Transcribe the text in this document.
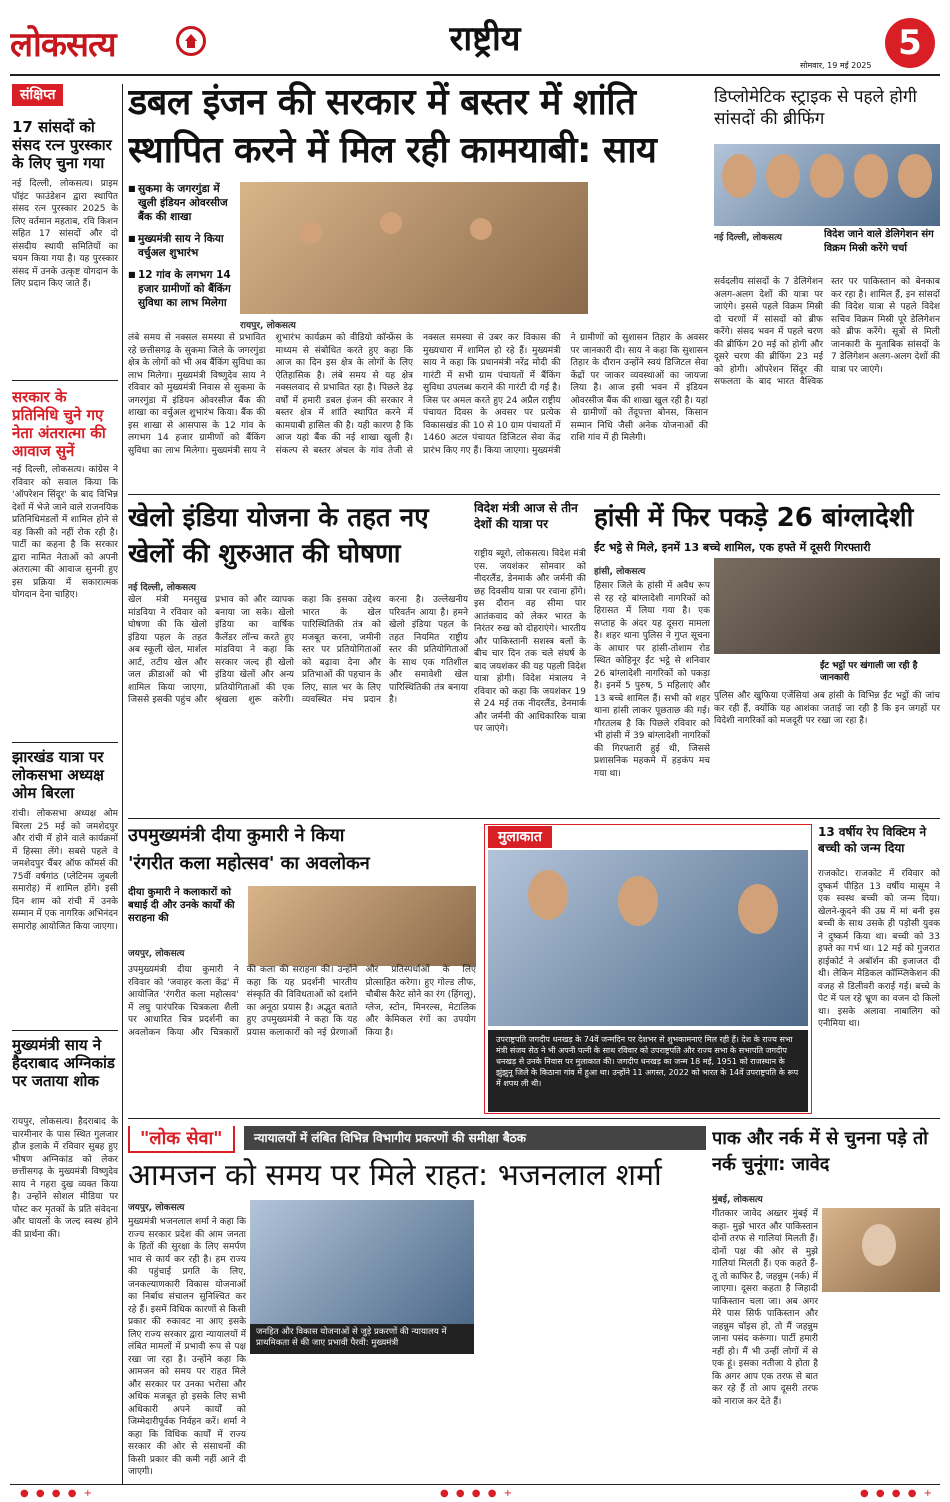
लोकसत्य	राष्ट्रीय
सोमवार, 19 मई 2025
5
संक्षिप्त
17 सांसदों को संसद रत्न पुरस्कार के लिए चुना गया
नई दिल्ली, लोकसत्य। प्राइम पॉइंट फाउंडेशन द्वारा स्थापित संसद रत्न पुरस्कार 2025 के लिए वर्तमान महताब, रवि किशन सहित 17 सांसदों और दो संसदीय स्थायी समितियों का चयन किया गया है। यह पुरस्कार संसद में उनके उत्कृष्ट योगदान के लिए प्रदान किए जाते हैं।
सरकार के प्रतिनिधि चुने गए नेता अंतरात्मा की आवाज सुनें
नई दिल्ली, लोकसत्य। कांग्रेस ने रविवार को सवाल किया कि 'ऑपरेशन सिंदूर' के बाद विभिन्न देशों में भेजे जाने वाले राजनयिक प्रतिनिधिमंडलों में शामिल होने से वह किसी को नहीं रोक रही है। पार्टी का कहना है कि सरकार द्वारा नामित नेताओं को अपनी अंतरात्मा की आवाज सुननी हुए इस प्रक्रिया में सकारात्मक योगदान देना चाहिए।
झारखंड यात्रा पर लोकसभा अध्यक्ष ओम बिरला
रांची। लोकसभा अध्यक्ष ओम बिरला 25 मई को जमशेदपुर और रांची में होने वाले कार्यक्रमों में हिस्सा लेंगे। सबसे पहले वे जमशेदपुर चैंबर ऑफ कॉमर्स की 75वीं वर्षगांठ (प्लेटिनम जुबली समारोह) में शामिल होंगे। इसी दिन शाम को रांची में उनके सम्मान में एक नागरिक अभिनंदन समारोह आयोजित किया जाएगा।
मुख्यमंत्री साय ने हैदराबाद अग्निकांड पर जताया शोक
रायपुर, लोकसत्य। हैदराबाद के चारमीनार के पास स्थित गुलजार हौज इलाके में रविवार सुबह हुए भीषण अग्निकांड को लेकर छत्तीसगढ़ के मुख्यमंत्री विष्णुदेव साय ने गहरा दुख व्यक्त किया है। उन्होंने सोशल मीडिया पर पोस्ट कर मृतकों के प्रति संवेदना और घायलों के जल्द स्वस्थ होने की प्रार्थना की।
डबल इंजन की सरकार में बस्तर में शांति
स्थापित करने में मिल रही कामयाबी: साय
■ सुकमा के जगरगुंडा में खुली इंडियन ओवरसीज बैंक की शाखा
■ मुख्यमंत्री साय ने किया वर्चुअल शुभारंभ
■ 12 गांव के लगभग 14 हजार ग्रामीणों को बैंकिंग सुविधा का लाभ मिलेगा
रायपुर, लोकसत्य
लंबे समय से नक्सल समस्या से प्रभावित रहे छत्तीसगढ़ के सुकमा जिले के जगरगुंडा क्षेत्र के लोगों को भी अब बैंकिंग सुविधा का लाभ मिलेगा। मुख्यमंत्री विष्णुदेव साय ने रविवार को मुख्यमंत्री निवास से सुकमा के जगरगुंडा में इंडियन ओवरसीज बैंक की शाखा का वर्चुअल शुभारंभ किया। बैंक की इस शाखा से आसपास के 12 गांव के लगभग 14 हजार ग्रामीणों को बैंकिंग सुविधा का लाभ मिलेगा। मुख्यमंत्री साय ने शुभारंभ कार्यक्रम को वीडियो कॉन्फ्रेंस के माध्यम से संबोधित करते हुए कहा कि आज का दिन इस क्षेत्र के लोगों के लिए ऐतिहासिक है। लंबे समय से यह क्षेत्र नक्सलवाद से प्रभावित रहा है। पिछले डेढ़ वर्षों में हमारी डबल इंजन की सरकार ने बस्तर क्षेत्र में शांति स्थापित करने में कामयाबी हासिल की है। यही कारण है कि आज यहां बैंक की नई शाखा खुली है। संकल्प से बस्तर अंचल के गांव तेजी से नक्सल समस्या से उबर कर विकास की मुख्यधारा में शामिल हो रहे हैं। मुख्यमंत्री साय ने कहा कि प्रधानमंत्री नरेंद्र मोदी की गारंटी में सभी ग्राम पंचायतों में बैंकिंग सुविधा उपलब्ध कराने की गारंटी दी गई है। जिस पर अमल करते हुए 24 अप्रैल राष्ट्रीय पंचायत दिवस के अवसर पर प्रत्येक विकासखंड की 10 से 10 ग्राम पंचायतों में 1460 अटल पंचायत डिजिटल सेवा केंद्र प्रारंभ किए गए हैं। किया जाएगा। मुख्यमंत्री ने ग्रामीणों को सुशासन तिहार के अवसर पर जानकारी दी। साय ने कहा कि सुशासन तिहार के दौरान उन्होंने स्वयं डिजिटल सेवा केंद्रों पर जाकर व्यवस्थाओं का जायजा लिया है। आज इसी भवन में इंडियन ओवरसीज बैंक की शाखा खुल रही है। यहां से ग्रामीणों को तेंदूपत्ता बोनस, किसान सम्मान निधि जैसी अनेक योजनाओं की राशि गांव में ही मिलेगी।
डिप्लोमेटिक स्ट्राइक से पहले होगी सांसदों की ब्रीफिंग
नई दिल्ली, लोकसत्य	विदेश जाने वाले डेलिगेशन संग विक्रम मिस्री करेंगे चर्चा
सर्वदलीय सांसदों के 7 डेलिगेशन अलग-अलग देशों की यात्रा पर जाएंगे। इससे पहले विक्रम मिस्री दो चरणों में सांसदों को ब्रीफ करेंगे। संसद भवन में पहले चरण की ब्रीफिंग 20 मई को होगी और दूसरे चरण की ब्रीफिंग 23 मई को होगी। ऑपरेशन सिंदूर की सफलता के बाद भारत वैश्विक स्तर पर पाकिस्तान को बेनकाब कर रहा है। शामिल हैं, इन सांसदों की विदेश यात्रा से पहले विदेश सचिव विक्रम मिस्री पूरे डेलिगेशन को ब्रीफ करेंगे। सूत्रों से मिली जानकारी के मुताबिक सांसदों के 7 डेलिगेशन अलग-अलग देशों की यात्रा पर जाएंगे।
खेलो इंडिया योजना के तहत नए खेलों की शुरुआत की घोषणा
नई दिल्ली, लोकसत्य
खेल मंत्री मनसुख मांडविया ने रविवार को घोषणा की कि खेलो इंडिया पहल के तहत अब स्कूली खेल, मार्शल आर्ट, तटीय खेल और जल क्रीडाओं को भी शामिल किया जाएगा, जिससे इसकी पहुंच और प्रभाव को और व्यापक बनाया जा सके। खेलो इंडिया का वार्षिक कैलेंडर लॉन्च करते हुए मांडविया ने कहा कि सरकार जल्द ही खेलो इंडिया खेलों और अन्य प्रतियोगिताओं की एक श्रृंखला शुरू करेगी। कहा कि इसका उद्देश्य भारत के खेल पारिस्थितिकी तंत्र को मजबूत करना, जमीनी स्तर पर प्रतियोगिताओं को बढ़ावा देना और प्रतिभाओं की पहचान के लिए, साल भर के लिए व्यवस्थित मंच प्रदान करना है। उल्लेखनीय परिवर्तन आया है। हमने खेलो इंडिया पहल के तहत नियमित राष्ट्रीय स्तर की प्रतियोगिताओं के साथ एक गतिशील और समावेशी खेल पारिस्थितिकी तंत्र बनाया है।
विदेश मंत्री आज से तीन देशों की यात्रा पर
राष्ट्रीय ब्यूरो, लोकसत्य। विदेश मंत्री एस. जयशंकर सोमवार को नीदरलैंड, डेनमार्क और जर्मनी की छह दिवसीय यात्रा पर रवाना होंगे। इस दौरान वह सीमा पार आतंकवाद को लेकर भारत के निरंतर रुख को दोहराएंगे। भारतीय और पाकिस्तानी सशस्त्र बलों के बीच चार दिन तक चले संघर्ष के बाद जयशंकर की यह पहली विदेश यात्रा होगी। विदेश मंत्रालय ने रविवार को कहा कि जयशंकर 19 से 24 मई तक नीदरलैंड, डेनमार्क और जर्मनी की आधिकारिक यात्रा पर जाएंगे।
हांसी में फिर पकड़े 26 बांग्लादेशी
ईंट भट्ठे से मिले, इनमें 13 बच्चे शामिल, एक हफ्ते में दूसरी गिरफ्तारी
हांसी, लोकसत्य
हिसार जिले के हांसी में अवैध रूप से रह रहे बांग्लादेशी नागरिकों को हिरासत में लिया गया है। एक सप्ताह के अंदर यह दूसरा मामला है। शहर थाना पुलिस ने गुप्त सूचना के आधार पर हांसी-तोशाम रोड स्थित कोहिनूर ईंट भट्ठे से शनिवार 26 बांग्लादेशी नागरिकों को पकड़ा है। इनमें 5 पुरुष, 5 महिलाएं और 13 बच्चे शामिल हैं। सभी को शहर थाना हांसी लाकर पूछताछ की गई। गौरतलब है कि पिछले रविवार को भी हांसी में 39 बांग्लादेशी नागरिकों की गिरफ्तारी हुई थी, जिससे प्रशासनिक महकमे में हड़कंप मच गया था।
ईंट भट्ठों पर खंगाली जा रही है जानकारी
पुलिस और खुफिया एजेंसियां अब हांसी के विभिन्न ईंट भट्ठों की जांच कर रही हैं, क्योंकि यह आशंका जताई जा रही है कि इन जगहों पर विदेशी नागरिकों को मजदूरी पर रखा जा रहा है।
उपमुख्यमंत्री दीया कुमारी ने किया
'रंगरीत कला महोत्सव' का अवलोकन
दीया कुमारी ने कलाकारों को बधाई दी और उनके कार्यों की सराहना की
जयपुर, लोकसत्य
उपमुख्यमंत्री दीया कुमारी ने रविवार को 'जवाहर कला केंद्र' में आयोजित 'रंगरीत कला महोत्सव' में लघु पारंपरिक चित्रकला शैली पर आधारित चित्र प्रदर्शनी का अवलोकन किया और चित्रकारों की कला की सराहना की। उन्होंने कहा कि यह प्रदर्शनी भारतीय संस्कृति की विविधताओं को दर्शाने का अनूठा प्रयास है। अद्भुत बताते हुए उपमुख्यमंत्री ने कहा कि यह प्रयास कलाकारों को नई प्रेरणाओं और प्रतिस्पर्धाओं के लिए प्रोत्साहित करेगा। हुए गोल्ड लीफ, चौबीस कैरेट सोने का रंग (हिंगलू), ग्लेज, स्टोन, मिनरल्स, मेटालिक और केमिकल रंगों का उपयोग किया है।
मुलाकात
उपराष्ट्रपति जगदीप धनखड़ के 74वें जन्मदिन पर देशभर से शुभकामनाएं मिल रही हैं। देश के राज्य सभा मंत्री संजय सेठ ने भी अपनी पत्नी के साथ रविवार को उपराष्ट्रपति और राज्य सभा के सभापति जगदीप धनखड़ से उनके निवास पर मुलाकात की। जगदीप धनखड़ का जन्म 18 मई, 1951 को राजस्थान के झुंझुनू जिले के किठाना गांव में हुआ था। उन्होंने 11 अगस्त, 2022 को भारत के 14वें उपराष्ट्रपति के रूप में शपथ ली थी।
13 वर्षीय रेप विक्टिम ने बच्ची को जन्म दिया
राजकोट। राजकोट में रविवार को दुष्कर्म पीड़ित 13 वर्षीय मासूम ने एक स्वस्थ बच्ची को जन्म दिया। खेलने-कूदने की उम्र में मां बनी इस बच्ची के साथ उसके ही पड़ोसी युवक ने दुष्कर्म किया था। बच्ची को 33 हफ्ते का गर्भ था। 12 मई को गुजरात हाईकोर्ट ने अबॉर्शन की इजाजत दी थी। लेकिन मेडिकल कॉम्प्लिकेशन की वजह से डिलीवरी कराई गई। बच्चे के पेट में पल रहे भ्रूण का वजन दो किलो था। इसके अलावा नाबालिग को एनीमिया था।
"लोक सेवा"	न्यायालयों में लंबित विभिन्न विभागीय प्रकरणों की समीक्षा बैठक
आमजन को समय पर मिले राहत: भजनलाल शर्मा
जयपुर, लोकसत्य
जनहित और विकास योजनाओं से जुड़े प्रकरणों की न्यायालय में प्राथमिकता से की जाए प्रभावी पैरवी: मुख्यमंत्री
मुख्यमंत्री भजनलाल शर्मा ने कहा कि राज्य सरकार प्रदेश की आम जनता के हितों की सुरक्षा के लिए समर्पण भाव से कार्य कर रही है। हम राज्य की पहुंचाई प्रगति के लिए, जनकल्याणकारी विकास योजनाओं का निर्बाध संचालन सुनिश्चित कर रहे हैं। इसमें विधिक कारणों से किसी प्रकार की रुकावट ना आए इसके लिए राज्य सरकार द्वारा न्यायालयों में लंबित मामलों में प्रभावी रूप से पक्ष रखा जा रहा है। उन्होंने कहा कि आमजन को समय पर राहत मिले और सरकार पर उनका भरोसा और अधिक मजबूत हो इसके लिए सभी अधिकारी अपने कार्यों को जिम्मेदारीपूर्वक निर्वहन करें। शर्मा ने कहा कि विधिक कार्यों में राज्य सरकार की ओर से संसाधनों की किसी प्रकार की कमी नहीं आने दी जाएगी।
पाक और नर्क में से चुनना पड़े तो नर्क चुनूंगा: जावेद
मुंबई, लोकसत्य
गीतकार जावेद अख्तर मुंबई में कहा- मुझे भारत और पाकिस्तान दोनों तरफ से गालियां मिलती हैं। दोनों पक्ष की ओर से मुझे गालियां मिलती हैं। एक कहते हैं- तू तो काफिर है, जहन्नुम (नर्क) में जाएगा। दूसरा कहता है जिहादी पाकिस्तान चला जा। अब अगर मेरे पास सिर्फ पाकिस्तान और जहन्नुम चॉइस हो, तो मैं जहन्नुम जाना पसंद करूंगा। पार्टी हमारी नहीं हो। मैं भी उन्हीं लोगों में से एक हूं। इसका नतीजा ये होता है कि अगर आप एक तरफ से बात कर रहे हैं तो आप दूसरी तरफ को नाराज कर देते हैं।
● ● ● ● +	● ● ● ● +	● ● ● ● +
